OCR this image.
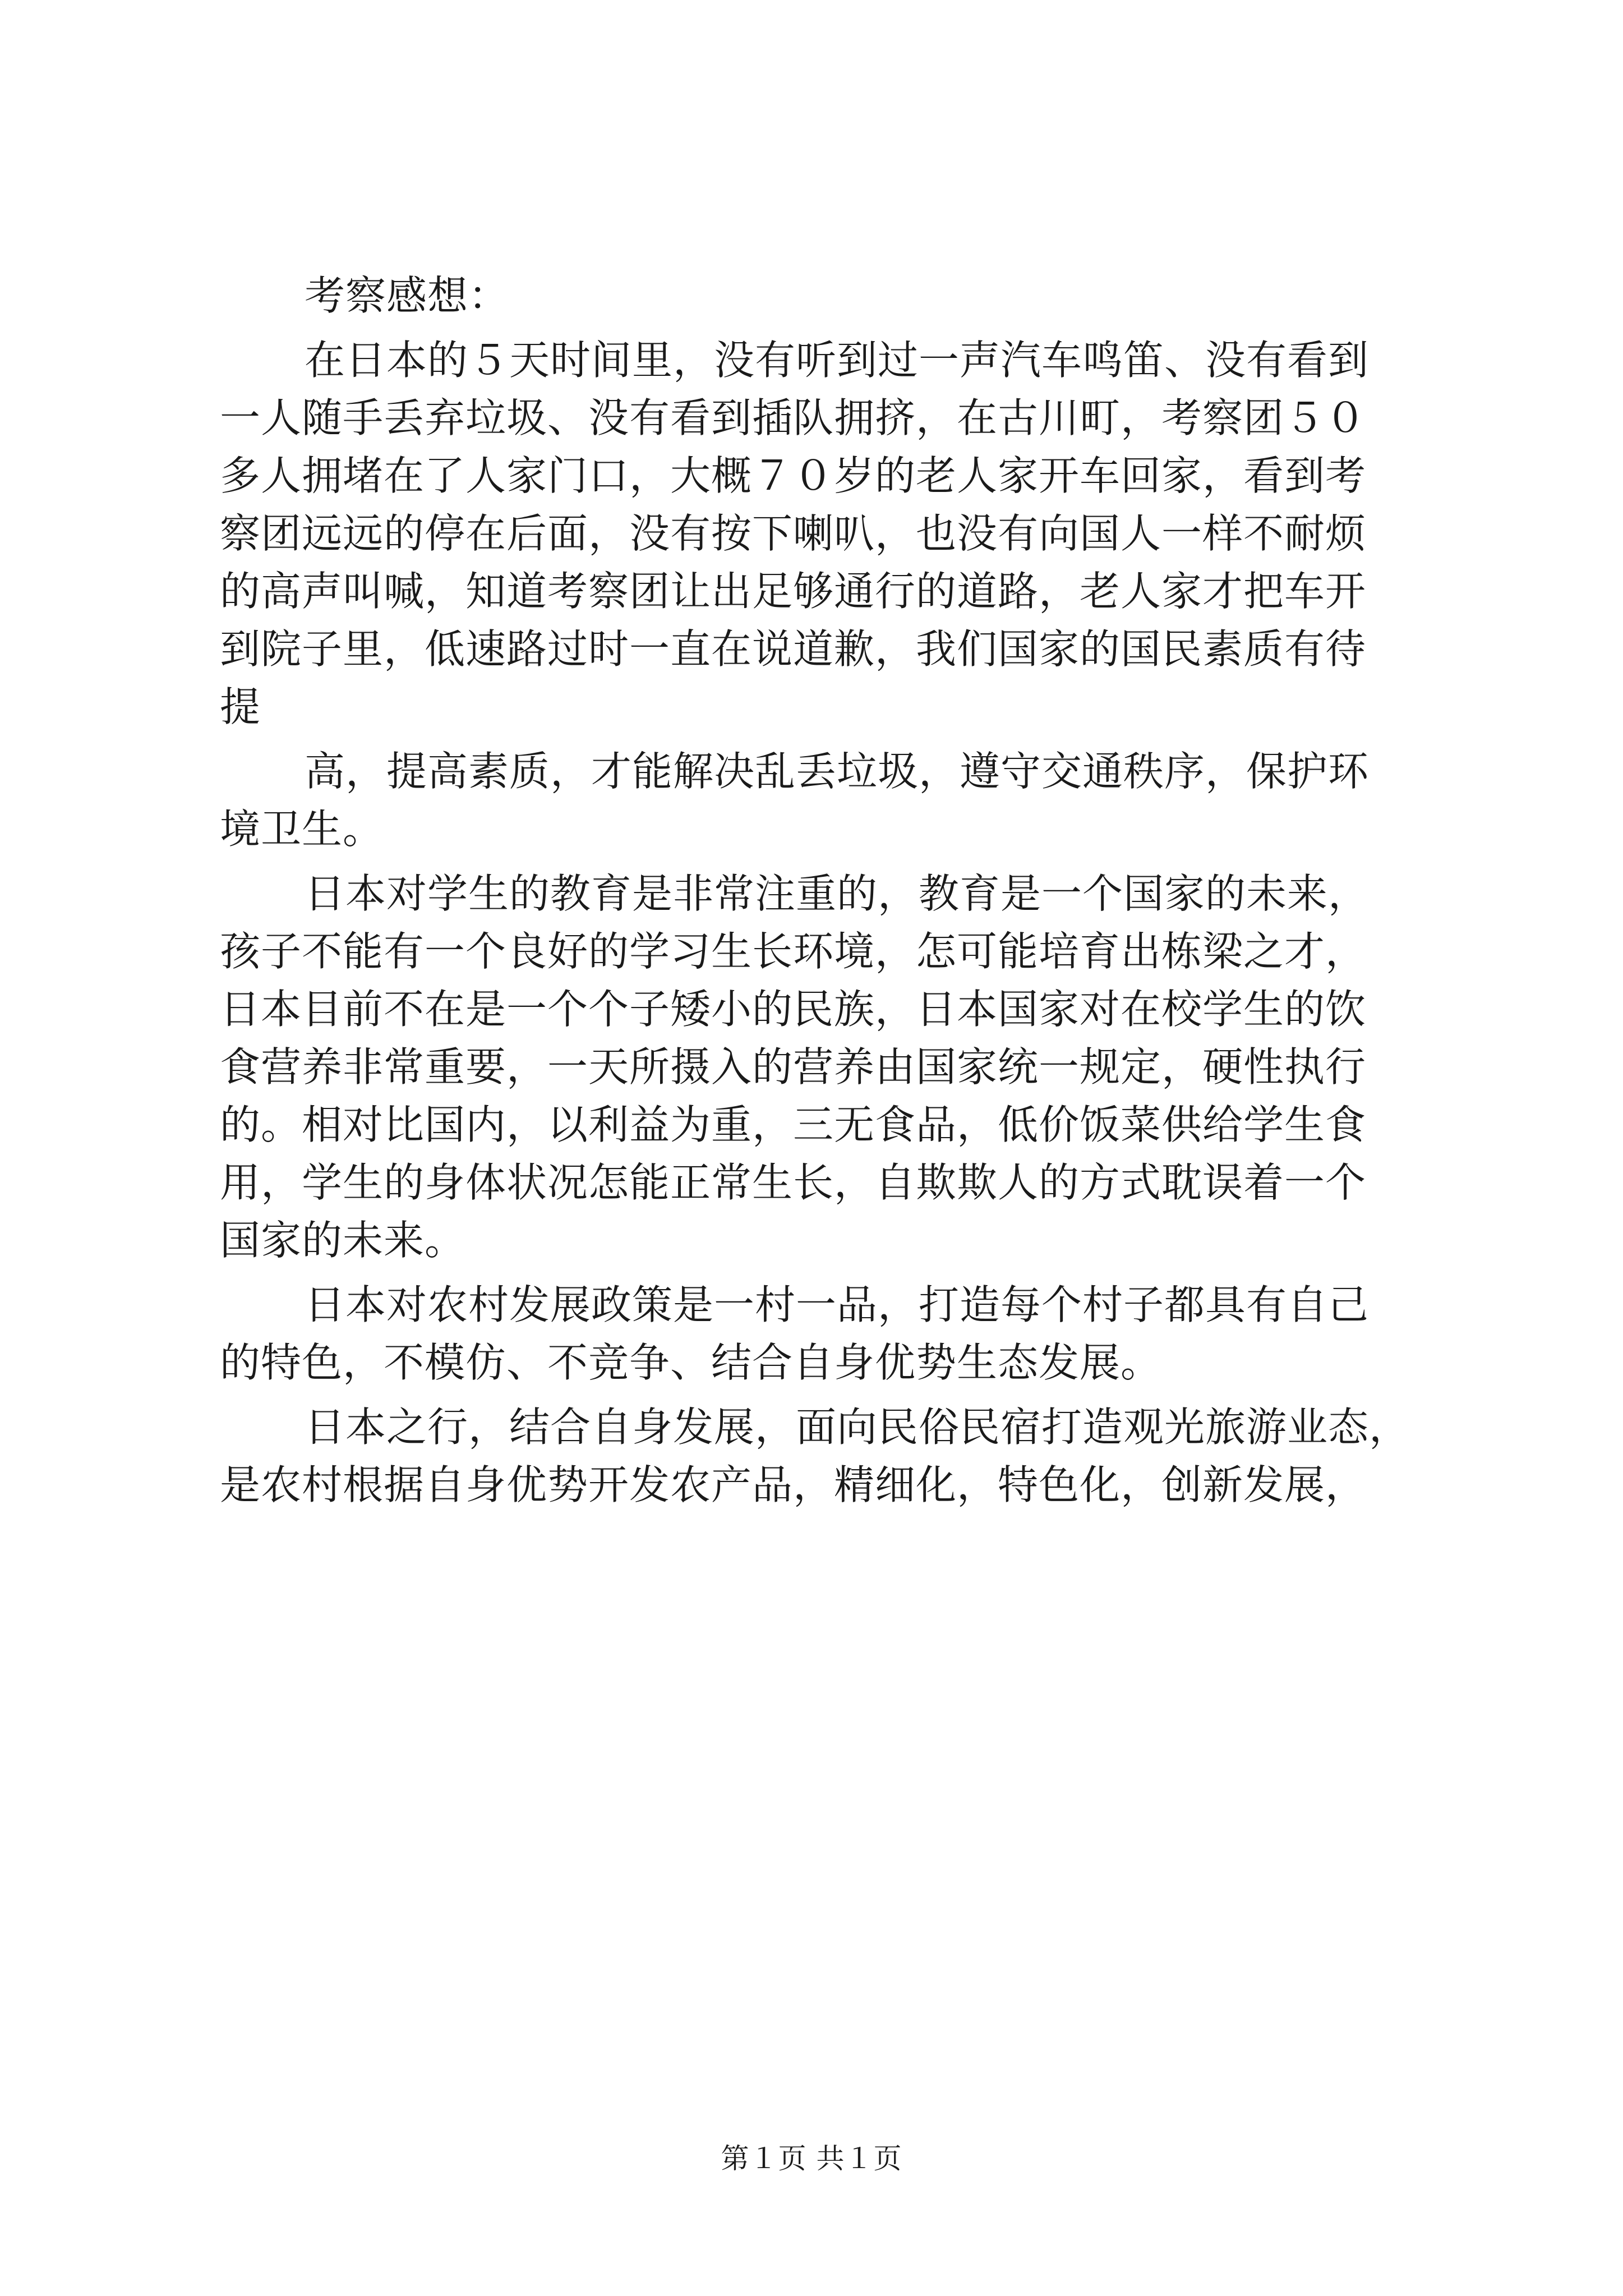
考察感想：
在日本的５天时间里，没有听到过一声汽车鸣笛、没有看到
一人随手丢弃垃圾、没有看到插队拥挤，在古川町，考察团５０
多人拥堵在了人家门口，大概７０岁的老人家开车回家，看到考
察团远远的停在后面，没有按下喇叭，也没有向国人一样不耐烦
的高声叫喊，知道考察团让出足够通行的道路，老人家才把车开
到院子里，低速路过时一直在说道歉，我们国家的国民素质有待
提
高，提高素质，才能解决乱丢垃圾，遵守交通秩序，保护环
境卫生。
日本对学生的教育是非常注重的，教育是一个国家的未来，
孩子不能有一个良好的学习生长环境，怎可能培育出栋梁之才，
日本目前不在是一个个子矮小的民族，日本国家对在校学生的饮
食营养非常重要，一天所摄入的营养由国家统一规定，硬性执行
的。相对比国内，以利益为重，三无食品，低价饭菜供给学生食
用，学生的身体状况怎能正常生长，自欺欺人的方式耽误着一个
国家的未来。
日本对农村发展政策是一村一品，打造每个村子都具有自己
的特色，不模仿、不竞争、结合自身优势生态发展。
日本之行，结合自身发展，面向民俗民宿打造观光旅游业态，
是农村根据自身优势开发农产品，精细化，特色化，创新发展，
第１页 共１页
